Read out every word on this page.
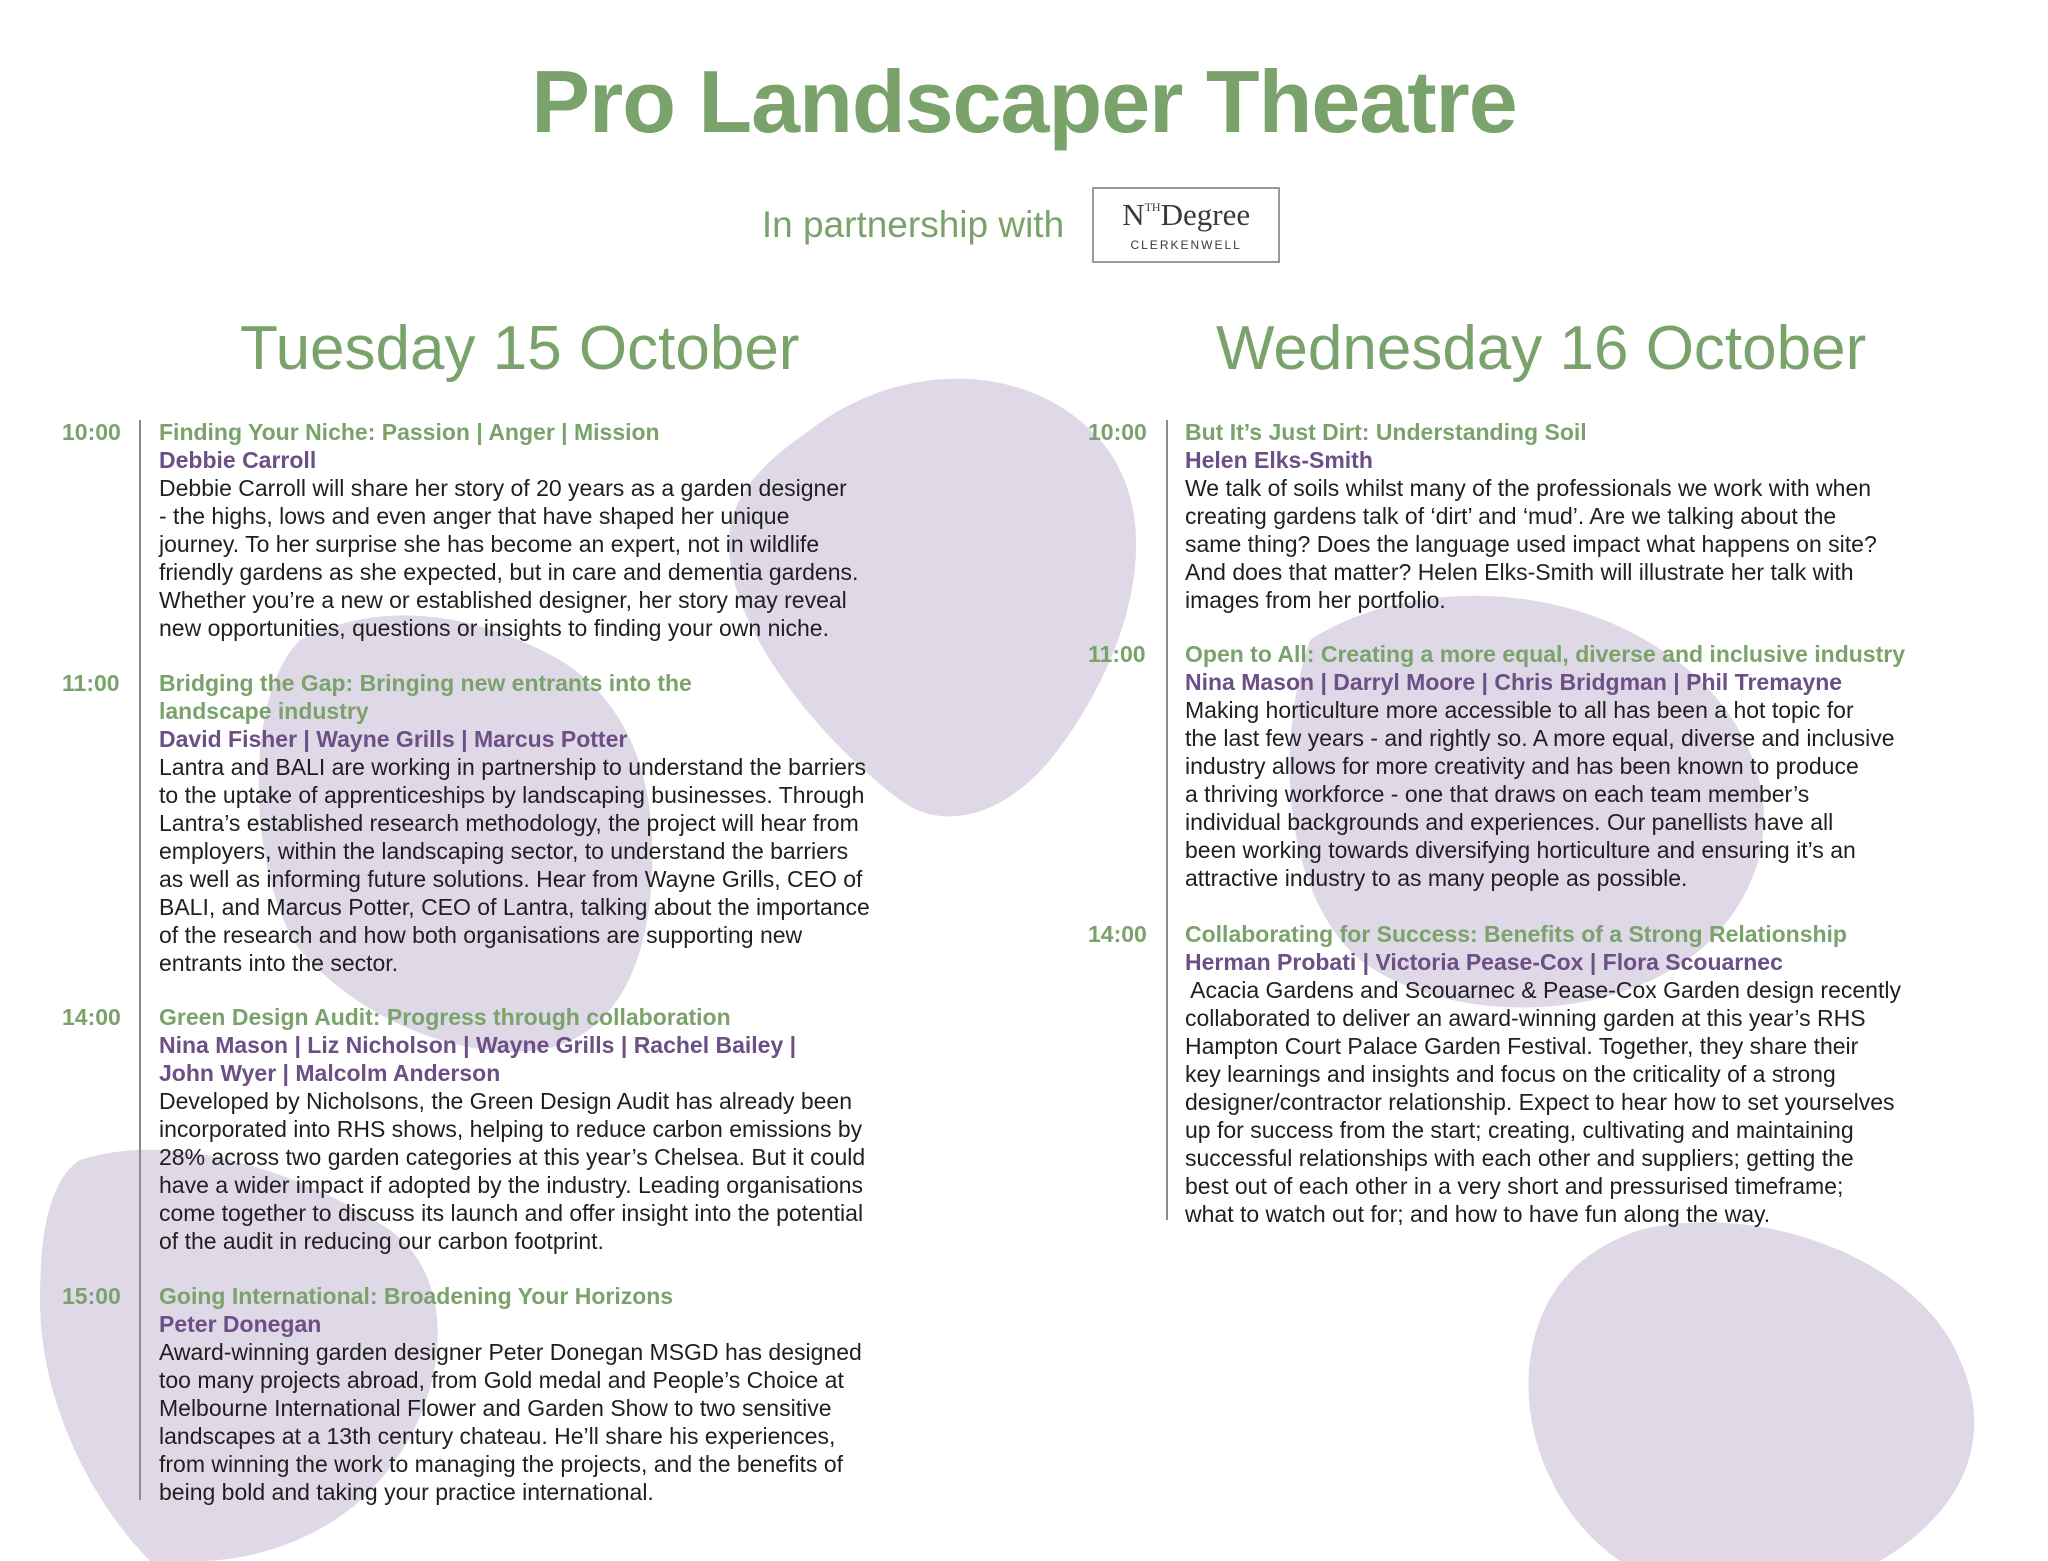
Pro Landscaper Theatre
In partnership with $N^{TH}Degree$
CLERKENWELL
Tuesday 15 October	Wednesday 16 October
10:00 Finding Your Niche: Passion | Anger | Mission
Debbie Carroll
Debbie Carroll will share her story of 20 years as a garden designer
- the highs, lows and even anger that have shaped her unique
journey. To her surprise she has become an expert, not in wildlife
friendly gardens as she expected, but in care and dementia gardens.
Whether you’re a new or established designer, her story may reveal
new opportunities, questions or insights to finding your own niche.
11:00 Bridging the Gap: Bringing new entrants into the
landscape industry
David Fisher | Wayne Grills | Marcus Potter
Lantra and BALI are working in partnership to understand the barriers
to the uptake of apprenticeships by landscaping businesses. Through
Lantra’s established research methodology, the project will hear from
employers, within the landscaping sector, to understand the barriers
as well as informing future solutions. Hear from Wayne Grills, CEO of
BALI, and Marcus Potter, CEO of Lantra, talking about the importance
of the research and how both organisations are supporting new
entrants into the sector.
14:00 Green Design Audit: Progress through collaboration
Nina Mason | Liz Nicholson | Wayne Grills | Rachel Bailey |
John Wyer | Malcolm Anderson
Developed by Nicholsons, the Green Design Audit has already been
incorporated into RHS shows, helping to reduce carbon emissions by
28% across two garden categories at this year’s Chelsea. But it could
have a wider impact if adopted by the industry. Leading organisations
come together to discuss its launch and offer insight into the potential
of the audit in reducing our carbon footprint.
15:00 Going International: Broadening Your Horizons
Peter Donegan
Award-winning garden designer Peter Donegan MSGD has designed
too many projects abroad, from Gold medal and People’s Choice at
Melbourne International Flower and Garden Show to two sensitive
landscapes at a 13th century chateau. He’ll share his experiences,
from winning the work to managing the projects, and the benefits of
being bold and taking your practice international.
10:00 But It’s Just Dirt: Understanding Soil
Helen Elks-Smith
We talk of soils whilst many of the professionals we work with when
creating gardens talk of ‘dirt’ and ‘mud’. Are we talking about the
same thing? Does the language used impact what happens on site?
And does that matter? Helen Elks-Smith will illustrate her talk with
images from her portfolio.
11:00 Open to All: Creating a more equal, diverse and inclusive industry
Nina Mason | Darryl Moore | Chris Bridgman | Phil Tremayne
Making horticulture more accessible to all has been a hot topic for
the last few years - and rightly so. A more equal, diverse and inclusive
industry allows for more creativity and has been known to produce
a thriving workforce - one that draws on each team member’s
individual backgrounds and experiences. Our panellists have all
been working towards diversifying horticulture and ensuring it’s an
attractive industry to as many people as possible.
14:00 Collaborating for Success: Benefits of a Strong Relationship
Herman Probati | Victoria Pease-Cox | Flora Scouarnec
Acacia Gardens and Scouarnec & Pease-Cox Garden design recently
collaborated to deliver an award-winning garden at this year’s RHS
Hampton Court Palace Garden Festival. Together, they share their
key learnings and insights and focus on the criticality of a strong
designer/contractor relationship. Expect to hear how to set yourselves
up for success from the start; creating, cultivating and maintaining
successful relationships with each other and suppliers; getting the
best out of each other in a very short and pressurised timeframe;
what to watch out for; and how to have fun along the way.
